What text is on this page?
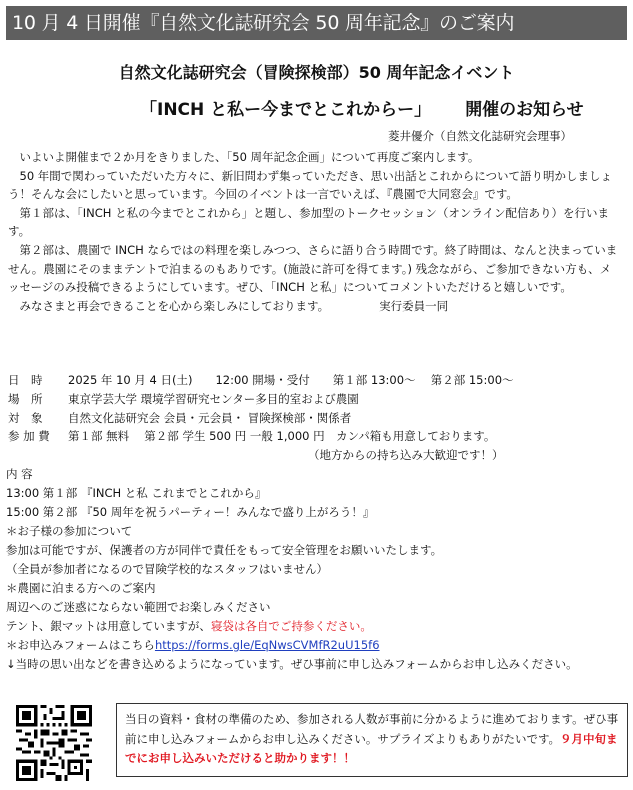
10 月 4 日開催『自然文化誌研究会 50 周年記念』のご案内
自然文化誌研究会（冒険探検部）50 周年記念イベント
「INCH と私ー今までとこれからー」 開催のお知らせ
菱井優介（自然文化誌研究会理事）

　いよいよ開催まで２か月をきりました、「50 周年記念企画」について再度ご案内します。

　50 年間で関わっていただいた方々に、新旧問わず集っていただき、思い出話とこれからについて語り明かしましょう！そんな会にしたいと思っています。今回のイベントは一言でいえば、『農園で大同窓会』です。

　第１部は、「INCH と私の今までとこれから」と題し、参加型のトークセッション（オンライン配信あり）を行います。

　第２部は、農園で INCH ならではの料理を楽しみつつ、さらに語り合う時間です。終了時間は、なんと決まっていません。農園にそのままテントで泊まるのもありです。(施設に許可を得てます。) 残念ながら、ご参加できない方も、メッセージのみ投稿できるようにしています。ぜひ、「INCH と私」についてコメントいただけると嬉しいです。

　みなさまと再会できることを心から楽しみにしております。	実行委員一同

日　時	2025 年 10 月 4 日(土)　　12:00 開場・受付　　第１部 13:00～　 第２部 15:00～
場　所	東京学芸大学 環境学習研究センター多目的室および農園
対　象	自然文化誌研究会 会員・元会員・ 冒険探検部・関係者
参 加 費	第１部 無料　 第２部 学生 500 円 一般 1,000 円　カンパ箱も用意しております。
（地方からの持ち込み大歓迎です！）
内 容
13:00 第１部 『INCH と私 これまでとこれから』
15:00 第２部 『50 周年を祝うパーティー！みんなで盛り上がろう！』
＊お子様の参加について
参加は可能ですが、保護者の方が同伴で責任をもって安全管理をお願いいたします。
（全員が参加者になるので冒険学校的なスタッフはいません）
＊農園に泊まる方へのご案内
周辺へのご迷惑にならない範囲でお楽しみください
テント、銀マットは用意していますが、寝袋は各自でご持参ください。
＊お申込みフォームはこちらhttps://forms.gle/EqNwsCVMfR2uU15f6
↓当時の思い出などを書き込めるようになっています。ぜひ事前に申し込みフォームからお申し込みください。
当日の資料・食材の準備のため、参加される人数が事前に分かるように進めております。ぜひ事前に申し込みフォームからお申し込みください。サプライズよりもありがたいです。９月中旬までにお申し込みいただけると助かります！！
